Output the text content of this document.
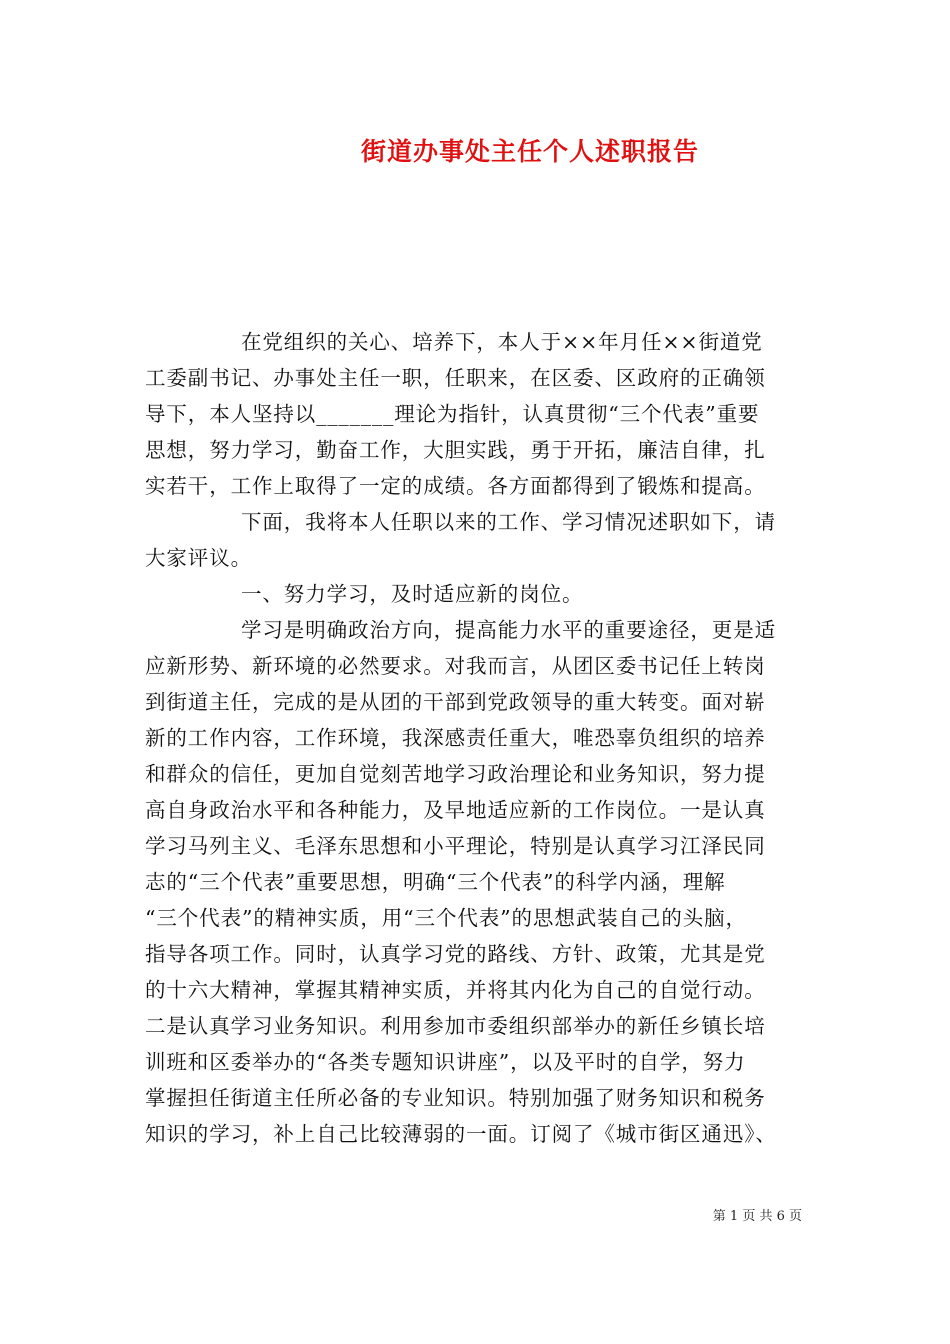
街道办事处主任个人述职报告
在党组织的关心、培养下，本人于××年月任××街道党
工委副书记、办事处主任一职，任职来，在区委、区政府的正确领
导下，本人坚持以_______理论为指针，认真贯彻“三个代表”重要
思想，努力学习，勤奋工作，大胆实践，勇于开拓，廉洁自律，扎
实若干，工作上取得了一定的成绩。各方面都得到了锻炼和提高。
下面，我将本人任职以来的工作、学习情况述职如下，请
大家评议。
一、努力学习，及时适应新的岗位。
学习是明确政治方向，提高能力水平的重要途径，更是适
应新形势、新环境的必然要求。对我而言，从团区委书记任上转岗
到街道主任，完成的是从团的干部到党政领导的重大转变。面对崭
新的工作内容，工作环境，我深感责任重大，唯恐辜负组织的培养
和群众的信任，更加自觉刻苦地学习政治理论和业务知识，努力提
高自身政治水平和各种能力，及早地适应新的工作岗位。一是认真
学习马列主义、毛泽东思想和小平理论，特别是认真学习江泽民同
志的“三个代表”重要思想，明确“三个代表”的科学内涵，理解
“三个代表”的精神实质，用“三个代表”的思想武装自己的头脑，
指导各项工作。同时，认真学习党的路线、方针、政策，尤其是党
的十六大精神，掌握其精神实质，并将其内化为自己的自觉行动。
二是认真学习业务知识。利用参加市委组织部举办的新任乡镇长培
训班和区委举办的“各类专题知识讲座”，以及平时的自学，努力
掌握担任街道主任所必备的专业知识。特别加强了财务知识和税务
知识的学习，补上自己比较薄弱的一面。订阅了《城市街区通迅》、
第 1 页 共 6 页
